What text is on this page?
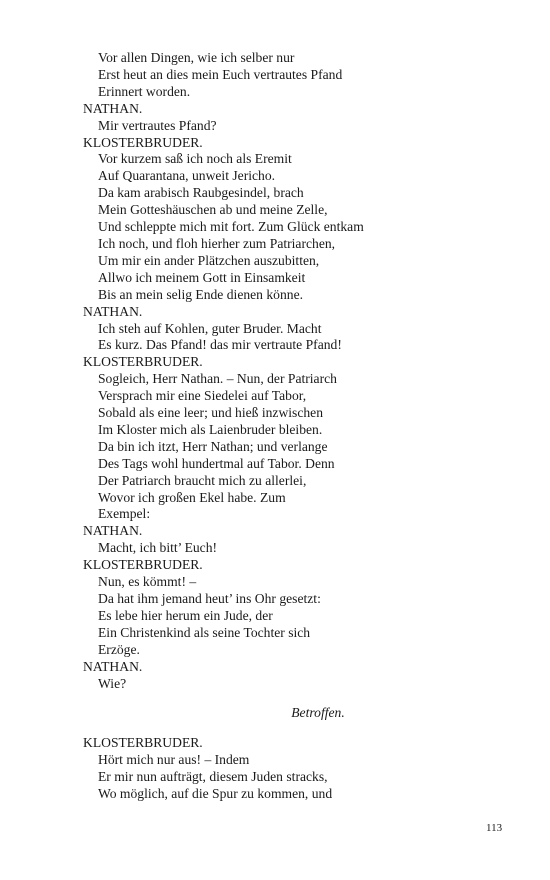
Vor allen Dingen, wie ich selber nur
Erst heut an dies mein Euch vertrautes Pfand
Erinnert worden.
NATHAN.
Mir vertrautes Pfand?
KLOSTERBRUDER.
Vor kurzem saß ich noch als Eremit
Auf Quarantana, unweit Jericho.
Da kam arabisch Raubgesindel, brach
Mein Gotteshäuschen ab und meine Zelle,
Und schleppte mich mit fort. Zum Glück entkam
Ich noch, und floh hierher zum Patriarchen,
Um mir ein ander Plätzchen auszubitten,
Allwo ich meinem Gott in Einsamkeit
Bis an mein selig Ende dienen könne.
NATHAN.
Ich steh auf Kohlen, guter Bruder. Macht
Es kurz. Das Pfand! das mir vertraute Pfand!
KLOSTERBRUDER.
Sogleich, Herr Nathan. – Nun, der Patriarch
Versprach mir eine Siedelei auf Tabor,
Sobald als eine leer; und hieß inzwischen
Im Kloster mich als Laienbruder bleiben.
Da bin ich itzt, Herr Nathan; und verlange
Des Tags wohl hundertmal auf Tabor. Denn
Der Patriarch braucht mich zu allerlei,
Wovor ich großen Ekel habe. Zum
Exempel:
NATHAN.
Macht, ich bitt’ Euch!
KLOSTERBRUDER.
Nun, es kömmt! –
Da hat ihm jemand heut’ ins Ohr gesetzt:
Es lebe hier herum ein Jude, der
Ein Christenkind als seine Tochter sich
Erzöge.
NATHAN.
Wie?
Betroffen.
KLOSTERBRUDER.
Hört mich nur aus! – Indem
Er mir nun aufträgt, diesem Juden stracks,
Wo möglich, auf die Spur zu kommen, und
113
